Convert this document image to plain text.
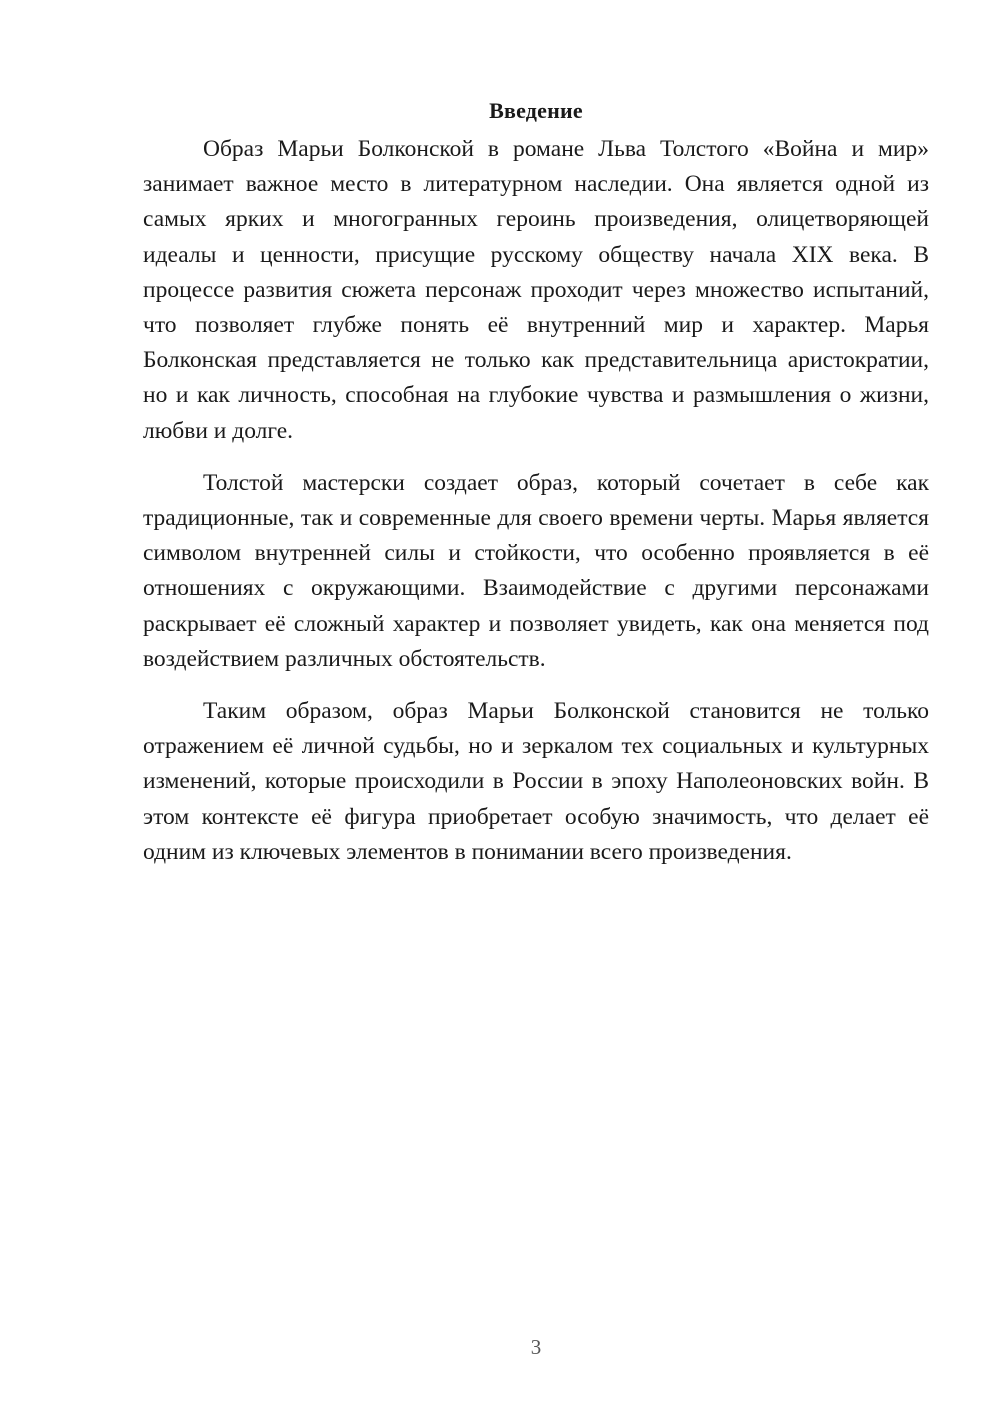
Введение

Образ Марьи Болконской в романе Льва Толстого «Война и мир» занимает важное место в литературном наследии. Она является одной из самых ярких и многогранных героинь произведения, олицетворяющей идеалы и ценности, присущие русскому обществу начала XIX века. В процессе развития сюжета персонаж проходит через множество испытаний, что позволяет глубже понять её внутренний мир и характер. Марья Болконская представляется не только как представительница аристократии, но и как личность, способная на глубокие чувства и размышления о жизни, любви и долге.

Толстой мастерски создает образ, который сочетает в себе как традиционные, так и современные для своего времени черты. Марья является символом внутренней силы и стойкости, что особенно проявляется в её отношениях с окружающими. Взаимодействие с другими персонажами раскрывает её сложный характер и позволяет увидеть, как она меняется под воздействием различных обстоятельств.

Таким образом, образ Марьи Болконской становится не только отражением её личной судьбы, но и зеркалом тех социальных и культурных изменений, которые происходили в России в эпоху Наполеоновских войн. В этом контексте её фигура приобретает особую значимость, что делает её одним из ключевых элементов в понимании всего произведения.

3
